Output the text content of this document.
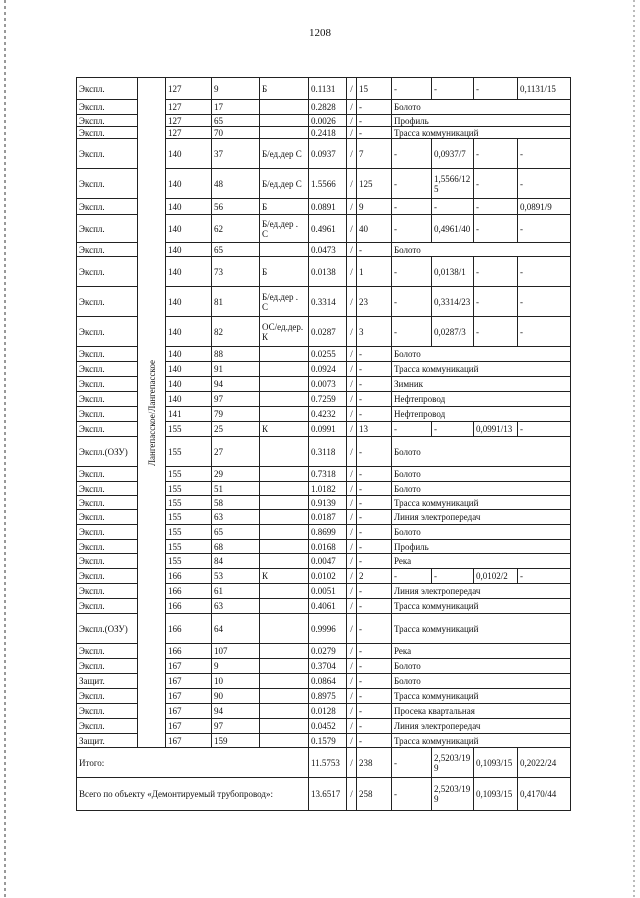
1208
Экспл.	Лангепасское/Лангепасское	127	9	Б	0.1131	/	15	-	-	-	0,1131/15
Экспл.		127	17		0.2828	/	-	Болото			
Экспл.		127	65		0.0026	/	-	Профиль			
Экспл.		127	70		0.2418	/	-	Трасса коммуникаций			
Экспл.		140	37	Б/ед.дер С	0.0937	/	7	-	0,0937/7	-	-
Экспл.		140	48	Б/ед.дер С	1.5566	/	125	-	1,5566/125	-	-
Экспл.		140	56	Б	0.0891	/	9	-	-	-	0,0891/9
Экспл.		140	62	Б/ед.дер . С	0.4961	/	40	-	0,4961/40	-	-
Экспл.		140	65		0.0473	/	-	Болото			
Экспл.		140	73	Б	0.0138	/	1	-	0,0138/1	-	-
Экспл.		140	81	Б/ед.дер . С	0.3314	/	23	-	0,3314/23	-	-
Экспл.		140	82	ОС/ед.дер. К	0.0287	/	3	-	0,0287/3	-	-
Экспл.		140	88		0.0255	/	-	Болото			
Экспл.		140	91		0.0924	/	-	Трасса коммуникаций			
Экспл.		140	94		0.0073	/	-	Зимник			
Экспл.		140	97		0.7259	/	-	Нефтепровод			
Экспл.		141	79		0.4232	/	-	Нефтепровод			
Экспл.		155	25	К	0.0991	/	13	-	-	0,0991/13	-
Экспл.(ОЗУ)		155	27		0.3118	/	-	Болото			
Экспл.		155	29		0.7318	/	-	Болото			
Экспл.		155	51		1.0182	/	-	Болото			
Экспл.		155	58		0.9139	/	-	Трасса коммуникаций			
Экспл.		155	63		0.0187	/	-	Линия электропередач			
Экспл.		155	65		0.8699	/	-	Болото			
Экспл.		155	68		0.0168	/	-	Профиль			
Экспл.		155	84		0.0047	/	-	Река			
Экспл.		166	53	К	0.0102	/	2	-	-	0,0102/2	-
Экспл.		166	61		0.0051	/	-	Линия электропередач			
Экспл.		166	63		0.4061	/	-	Трасса коммуникаций			
Экспл.(ОЗУ)		166	64		0.9996	/	-	Трасса коммуникаций			
Экспл.		166	107		0.0279	/	-	Река			
Экспл.		167	9		0.3704	/	-	Болото			
Защит.		167	10		0.0864	/	-	Болото			
Экспл.		167	90		0.8975	/	-	Трасса коммуникаций			
Экспл.		167	94		0.0128	/	-	Просека квартальная			
Экспл.		167	97		0.0452	/	-	Линия электропередач			
Защит.		167	159		0.1579	/	-	Трасса коммуникаций			
Итого:					11.5753	/	238	-	2,5203/199	0,1093/15	0,2022/24
Всего по объекту «Демонтируемый трубопровод»:					13.6517	/	258	-	2,5203/199	0,1093/15	0,4170/44
